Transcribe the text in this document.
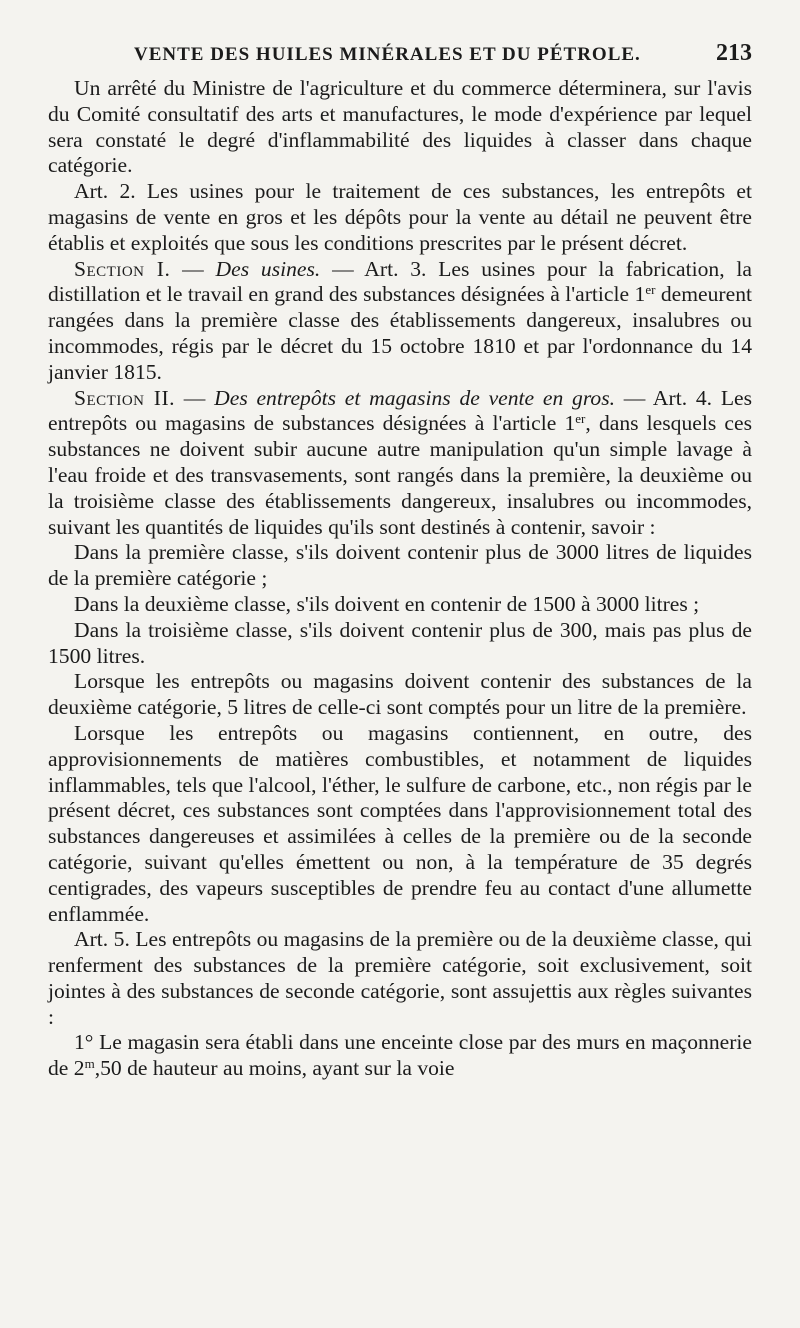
VENTE DES HUILES MINÉRALES ET DU PÉTROLE.	213

Un arrêté du Ministre de l'agriculture et du commerce déterminera, sur l'avis du Comité consultatif des arts et manufactures, le mode d'expérience par lequel sera constaté le degré d'inflammabilité des liquides à classer dans chaque catégorie.

Art. 2. Les usines pour le traitement de ces substances, les entrepôts et magasins de vente en gros et les dépôts pour la vente au détail ne peuvent être établis et exploités que sous les conditions prescrites par le présent décret.

Section I. — Des usines. — Art. 3. Les usines pour la fabrication, la distillation et le travail en grand des substances désignées à l'article 1er demeurent rangées dans la première classe des établissements dangereux, insalubres ou incommodes, régis par le décret du 15 octobre 1810 et par l'ordonnance du 14 janvier 1815.

Section II. — Des entrepôts et magasins de vente en gros. — Art. 4. Les entrepôts ou magasins de substances désignées à l'article 1er, dans lesquels ces substances ne doivent subir aucune autre manipulation qu'un simple lavage à l'eau froide et des transvasements, sont rangés dans la première, la deuxième ou la troisième classe des établissements dangereux, insalubres ou incommodes, suivant les quantités de liquides qu'ils sont destinés à contenir, savoir :

Dans la première classe, s'ils doivent contenir plus de 3000 litres de liquides de la première catégorie ;

Dans la deuxième classe, s'ils doivent en contenir de 1500 à 3000 litres ;

Dans la troisième classe, s'ils doivent contenir plus de 300, mais pas plus de 1500 litres.

Lorsque les entrepôts ou magasins doivent contenir des substances de la deuxième catégorie, 5 litres de celle-ci sont comptés pour un litre de la première.

Lorsque les entrepôts ou magasins contiennent, en outre, des approvisionnements de matières combustibles, et notamment de liquides inflammables, tels que l'alcool, l'éther, le sulfure de carbone, etc., non régis par le présent décret, ces substances sont comptées dans l'approvisionnement total des substances dangereuses et assimilées à celles de la première ou de la seconde catégorie, suivant qu'elles émettent ou non, à la température de 35 degrés centigrades, des vapeurs susceptibles de prendre feu au contact d'une allumette enflammée.

Art. 5. Les entrepôts ou magasins de la première ou de la deuxième classe, qui renferment des substances de la première catégorie, soit exclusivement, soit jointes à des substances de seconde catégorie, sont assujettis aux règles suivantes :

1° Le magasin sera établi dans une enceinte close par des murs en maçonnerie de 2$^m$,50 de hauteur au moins, ayant sur la voie
